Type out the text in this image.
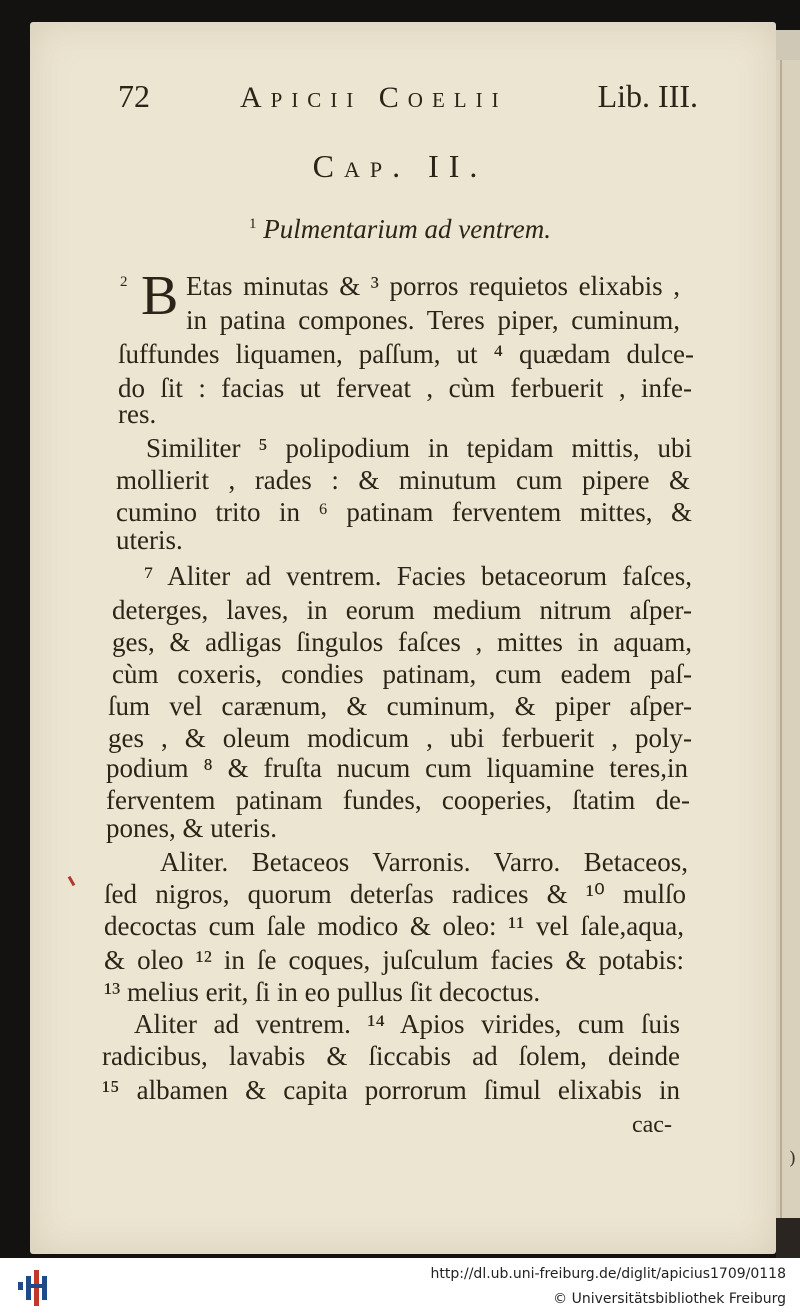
)
72	Apicii Coelii	Lib. III.
Cap. II.
$^1$ Pulmentarium ad ventrem.
2 B Etas minutas & ³ porros requietos elixabis ,
in patina compones. Teres piper, cuminum,
ſuffundes liquamen, paſſum, ut ⁴ quædam dulce-
do ſit : facias ut ferveat , cùm ferbuerit , infe-
res.
Similiter ⁵ polipodium in tepidam mittis, ubi
mollierit , rades : & minutum cum pipere &
cumino trito in ⁶ patinam ferventem mittes, &
uteris.
⁷ Aliter ad ventrem. Facies betaceorum faſces,
deterges, laves, in eorum medium nitrum aſper-
ges, & adligas ſingulos faſces , mittes in aquam,
cùm coxeris, condies patinam, cum eadem paſ-
ſum vel carænum, & cuminum, & piper aſper-
ges , & oleum modicum , ubi ferbuerit , poly-
podium ⁸ & fruſta nucum cum liquamine teres,in
ferventem patinam fundes, cooperies, ſtatim de-
pones, & uteris.
Aliter. Betaceos Varronis. Varro. Betaceos,
ſed nigros, quorum deterſas radices & ¹⁰ mulſo
decoctas cum ſale modico & oleo: ¹¹ vel ſale,aqua,
& oleo ¹² in ſe coques, juſculum facies & potabis:
¹³ melius erit, ſi in eo pullus ſit decoctus.
Aliter ad ventrem. ¹⁴ Apios virides, cum ſuis
radicibus, lavabis & ſiccabis ad ſolem, deinde
¹⁵ albamen & capita porrorum ſimul elixabis in
cac-
http://dl.ub.uni-freiburg.de/diglit/apicius1709/0118
© Universitätsbibliothek Freiburg
